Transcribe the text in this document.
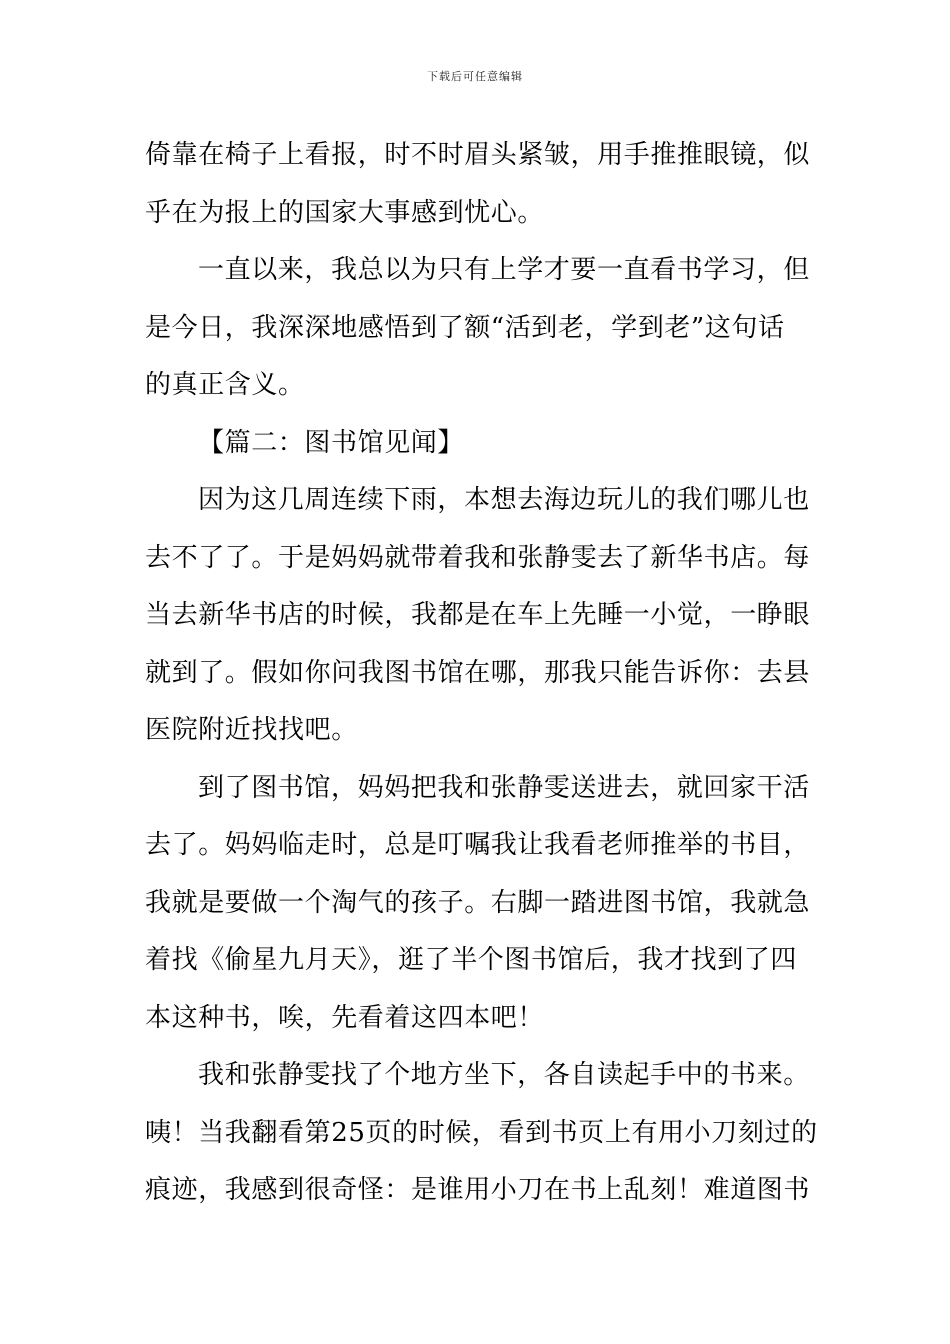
下载后可任意编辑
倚靠在椅子上看报，时不时眉头紧皱，用手推推眼镜，似
乎在为报上的国家大事感到忧心。
一直以来，我总以为只有上学才要一直看书学习，但
是今日，我深深地感悟到了额“活到老，学到老”这句话
的真正含义。
【篇二：图书馆见闻】
因为这几周连续下雨，本想去海边玩儿的我们哪儿也
去不了了。于是妈妈就带着我和张静雯去了新华书店。每
当去新华书店的时候，我都是在车上先睡一小觉，一睁眼
就到了。假如你问我图书馆在哪，那我只能告诉你：去县
医院附近找找吧。
到了图书馆，妈妈把我和张静雯送进去，就回家干活
去了。妈妈临走时，总是叮嘱我让我看老师推举的书目，
我就是要做一个淘气的孩子。右脚一踏进图书馆，我就急
着找《偷星九月天》，逛了半个图书馆后，我才找到了四
本这种书，唉，先看着这四本吧！
我和张静雯找了个地方坐下，各自读起手中的书来。
咦！当我翻看第25页的时候，看到书页上有用小刀刻过的
痕迹，我感到很奇怪：是谁用小刀在书上乱刻！难道图书
